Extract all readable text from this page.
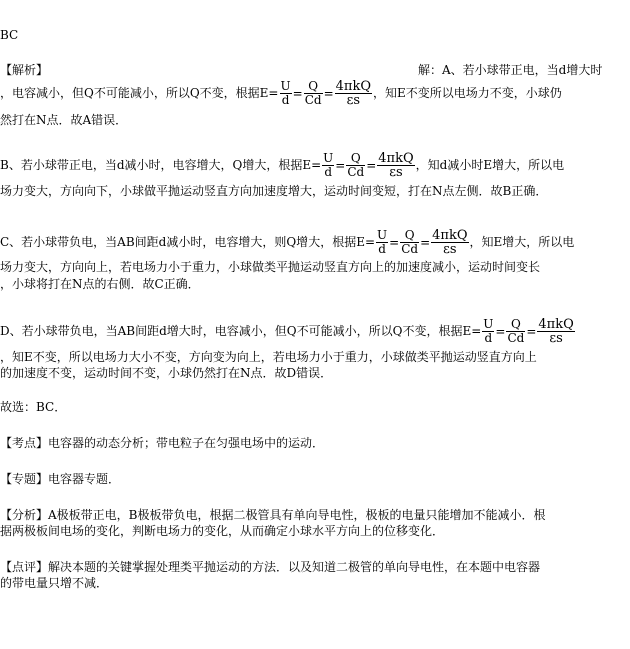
BC
【解析】	解：A、若小球带正电，当d增大时
，电容减小，但Q不可能减小，所以Q不变，根据$E= \frac{U}{d} = \frac{Q}{Cd} = \frac{\text{4πkQ}}{\varepsilon s}$ ，知E不变所以电场力不变，小球仍
然打在N点．故A错误．
B、若小球带正电，当d减小时，电容增大，Q增大，根据$E= \frac{U}{d} = \frac{Q}{Cd} = \frac{\text{4πkQ}}{\varepsilon s}$ ，知d减小时E增大，所以电
场力变大，方向向下，小球做平抛运动竖直方向加速度增大，运动时间变短，打在N点左侧．故B正确．
C、若小球带负电，当AB间距d减小时，电容增大，则Q增大，根据$E= \frac{U}{d} = \frac{Q}{Cd} = \frac{\text{4πkQ}}{\varepsilon s}$ ，知E增大，所以电
场力变大，方向向上，若电场力小于重力，小球做类平抛运动竖直方向上的加速度减小，运动时间变长
，小球将打在N点的右侧．故C正确．
D、若小球带负电，当AB间距d增大时，电容减小，但Q不可能减小，所以Q不变，根据$E= \frac{U}{d} = \frac{Q}{Cd} = \frac{\text{4πkQ}}{\varepsilon s}$
，知E不变，所以电场力大小不变，方向变为向上，若电场力小于重力，小球做类平抛运动竖直方向上
的加速度不变，运动时间不变，小球仍然打在N点．故D错误．
故选：BC．
【考点】电容器的动态分析；带电粒子在匀强电场中的运动．
【专题】电容器专题．
【分析】A极板带正电，B极板带负电，根据二极管具有单向导电性，极板的电量只能增加不能减小．根
据两极板间电场的变化，判断电场力的变化，从而确定小球水平方向上的位移变化．
【点评】解决本题的关键掌握处理类平抛运动的方法．以及知道二极管的单向导电性，在本题中电容器
的带电量只增不减．
